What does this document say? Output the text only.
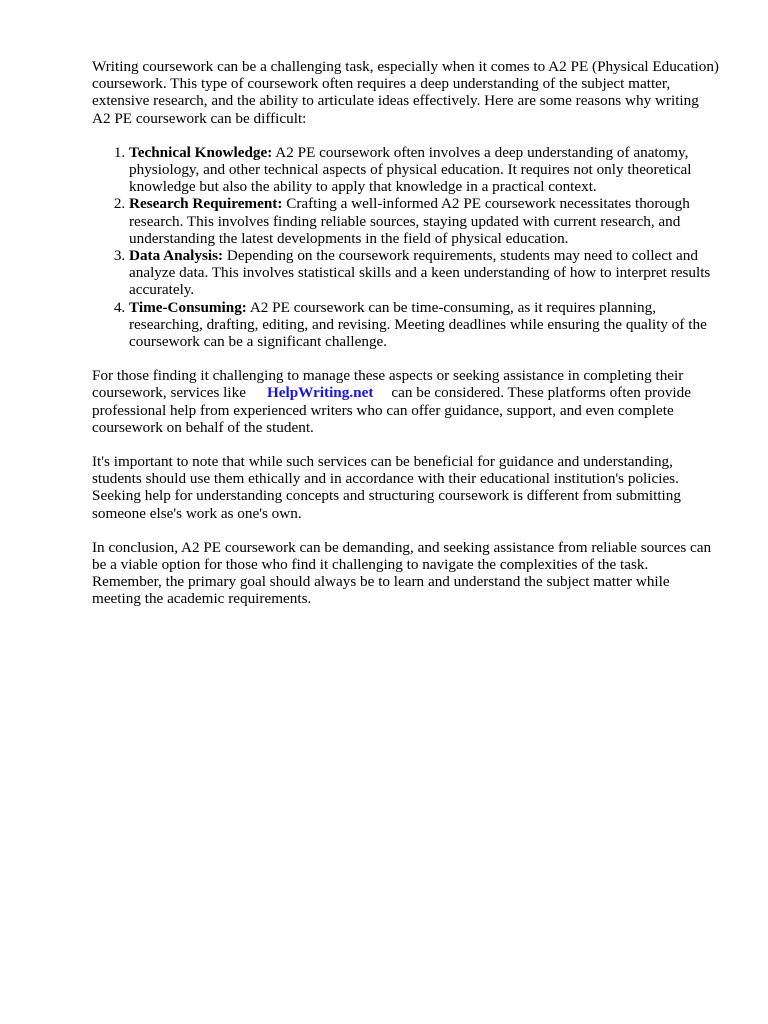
Writing coursework can be a challenging task, especially when it comes to A2 PE (Physical Education) coursework. This type of coursework often requires a deep understanding of the subject matter, extensive research, and the ability to articulate ideas effectively. Here are some reasons why writing A2 PE coursework can be difficult:

1. Technical Knowledge: A2 PE coursework often involves a deep understanding of anatomy, physiology, and other technical aspects of physical education. It requires not only theoretical knowledge but also the ability to apply that knowledge in a practical context.
2. Research Requirement: Crafting a well-informed A2 PE coursework necessitates thorough research. This involves finding reliable sources, staying updated with current research, and understanding the latest developments in the field of physical education.
3. Data Analysis: Depending on the coursework requirements, students may need to collect and analyze data. This involves statistical skills and a keen understanding of how to interpret results accurately.
4. Time-Consuming: A2 PE coursework can be time-consuming, as it requires planning, researching, drafting, editing, and revising. Meeting deadlines while ensuring the quality of the coursework can be a significant challenge.

For those finding it challenging to manage these aspects or seeking assistance in completing their coursework, services like HelpWriting.net can be considered. These platforms often provide professional help from experienced writers who can offer guidance, support, and even complete coursework on behalf of the student.

It's important to note that while such services can be beneficial for guidance and understanding, students should use them ethically and in accordance with their educational institution's policies. Seeking help for understanding concepts and structuring coursework is different from submitting someone else's work as one's own.

In conclusion, A2 PE coursework can be demanding, and seeking assistance from reliable sources can be a viable option for those who find it challenging to navigate the complexities of the task. Remember, the primary goal should always be to learn and understand the subject matter while meeting the academic requirements.
